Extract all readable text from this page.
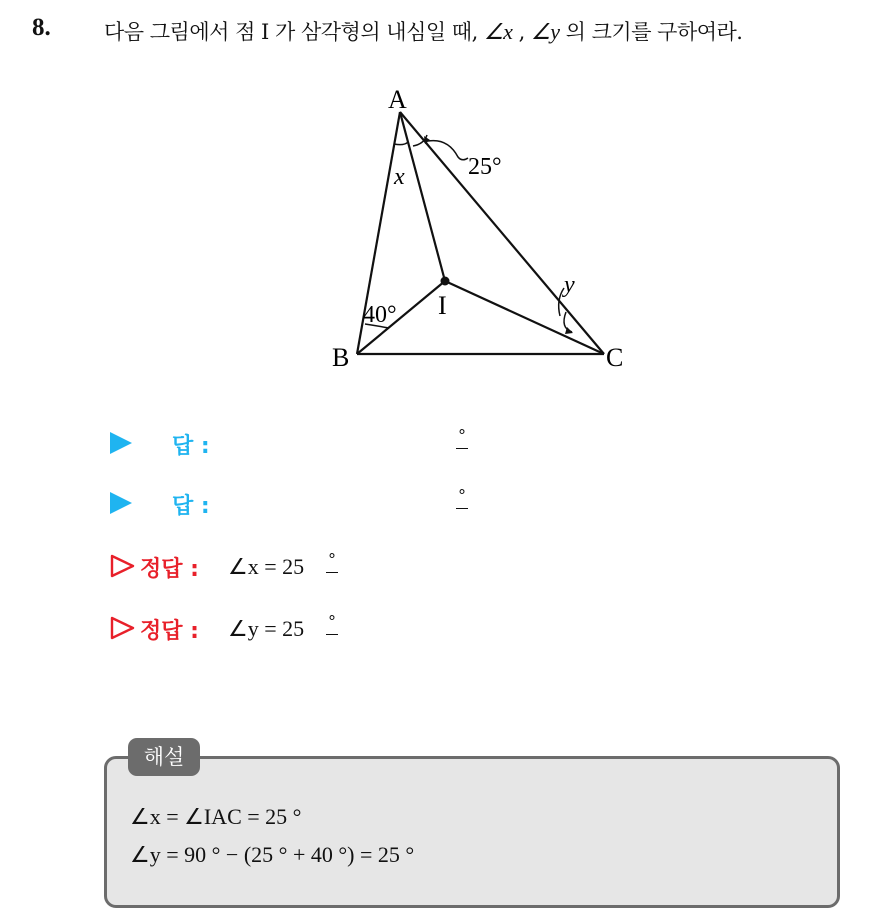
8.	다음 그림에서 점 I 가 삼각형의 내심일 때, ∠x , ∠y 의 크기를 구하여라.
A
B	C
I
x
y
25°
40°
답 :	°
답 :	°
정답 : ∠x = 25 °
정답 : ∠y = 25 °
해설
∠x = ∠IAC = 25 °
∠y = 90 ° − (25 ° + 40 °) = 25 °
